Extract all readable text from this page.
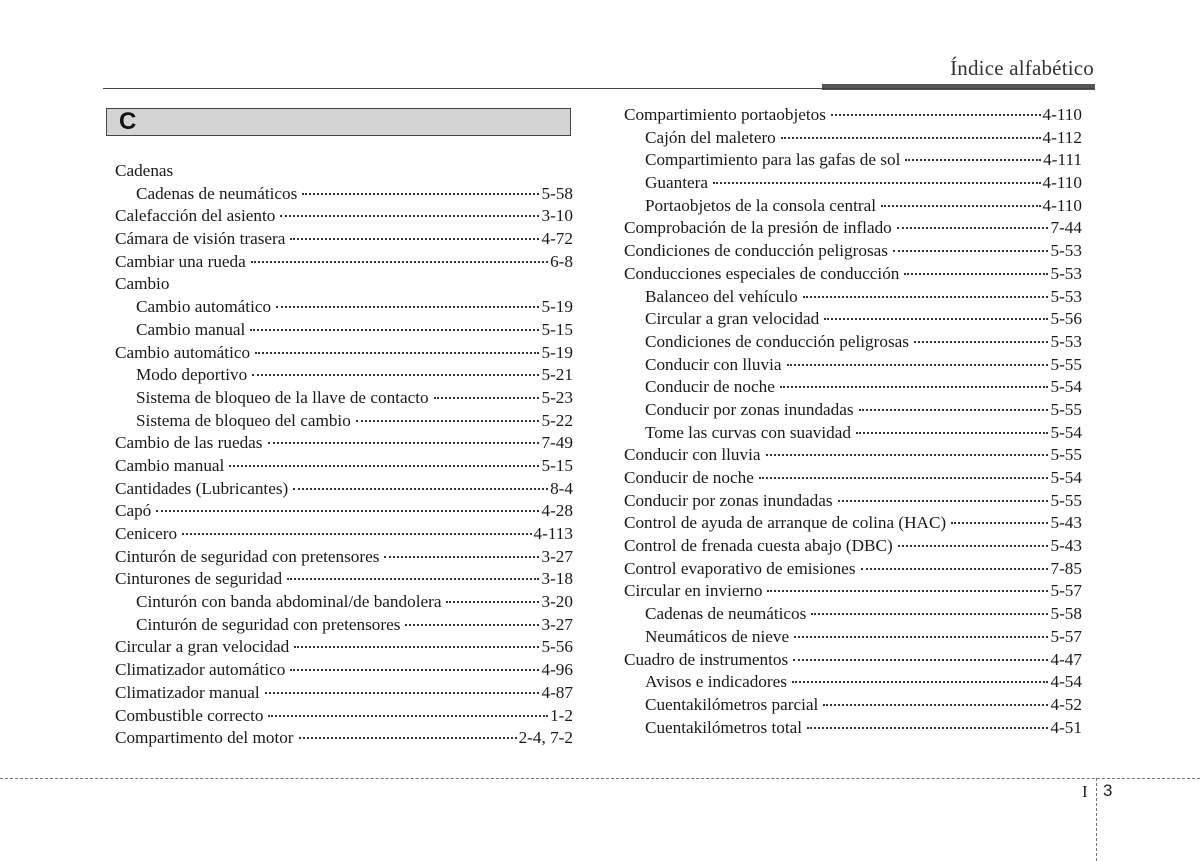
Índice alfabético
C
Cadenas
Cadenas de neumáticos	5-58
Calefacción del asiento	3-10
Cámara de visión trasera	4-72
Cambiar una rueda	6-8
Cambio
Cambio automático	5-19
Cambio manual	5-15
Cambio automático	5-19
Modo deportivo	5-21
Sistema de bloqueo de la llave de contacto	5-23
Sistema de bloqueo del cambio	5-22
Cambio de las ruedas	7-49
Cambio manual	5-15
Cantidades (Lubricantes)	8-4
Capó	4-28
Cenicero	4-113
Cinturón de seguridad con pretensores	3-27
Cinturones de seguridad	3-18
Cinturón con banda abdominal/de bandolera	3-20
Cinturón de seguridad con pretensores	3-27
Circular a gran velocidad	5-56
Climatizador automático	4-96
Climatizador manual	4-87
Combustible correcto	1-2
Compartimento del motor	2-4, 7-2
Compartimiento portaobjetos	4-110
Cajón del maletero	4-112
Compartimiento para las gafas de sol	4-111
Guantera	4-110
Portaobjetos de la consola central	4-110
Comprobación de la presión de inflado	7-44
Condiciones de conducción peligrosas	5-53
Conducciones especiales de conducción	5-53
Balanceo del vehículo	5-53
Circular a gran velocidad	5-56
Condiciones de conducción peligrosas	5-53
Conducir con lluvia	5-55
Conducir de noche	5-54
Conducir por zonas inundadas	5-55
Tome las curvas con suavidad	5-54
Conducir con lluvia	5-55
Conducir de noche	5-54
Conducir por zonas inundadas	5-55
Control de ayuda de arranque de colina (HAC)	5-43
Control de frenada cuesta abajo (DBC)	5-43
Control evaporativo de emisiones	7-85
Circular en invierno	5-57
Cadenas de neumáticos	5-58
Neumáticos de nieve	5-57
Cuadro de instrumentos	4-47
Avisos e indicadores	4-54
Cuentakilómetros parcial	4-52
Cuentakilómetros total	4-51
I 3
